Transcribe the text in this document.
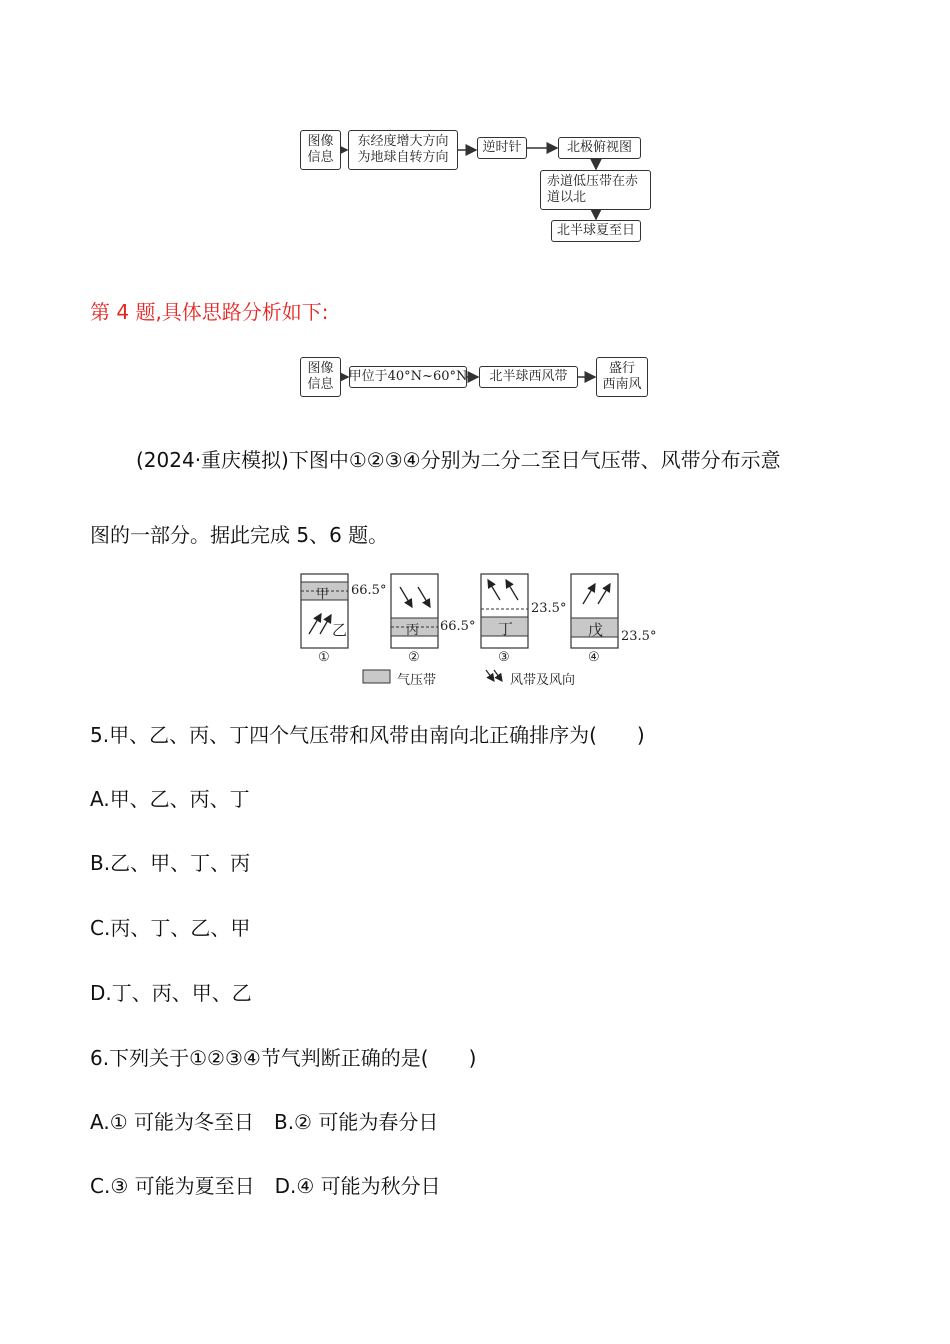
图像
信息
东经度增大方向
为地球自转方向
逆时针	北极俯视图
赤道低压带在赤
道以北
北半球夏至日
第 4 题,具体思路分析如下:
图像
信息
甲位于40°N~60°N	北半球西风带
盛行
西南风
(2024·重庆模拟)下图中①②③④分别为二分二至日气压带、风带分布示意
图的一部分。据此完成 5、6 题。
甲 66.5°
乙
①
丙 66.5°
②
丁
23.5°
③
戊 23.5°
④
气压带	风带及风向
5.甲、乙、丙、丁四个气压带和风带由南向北正确排序为(　　)
A.甲、乙、丙、丁
B.乙、甲、丁、丙
C.丙、丁、乙、甲
D.丁、丙、甲、乙
6.下列关于①②③④节气判断正确的是(　　)
A.① 可能为冬至日　B.② 可能为春分日
C.③ 可能为夏至日　D.④ 可能为秋分日
